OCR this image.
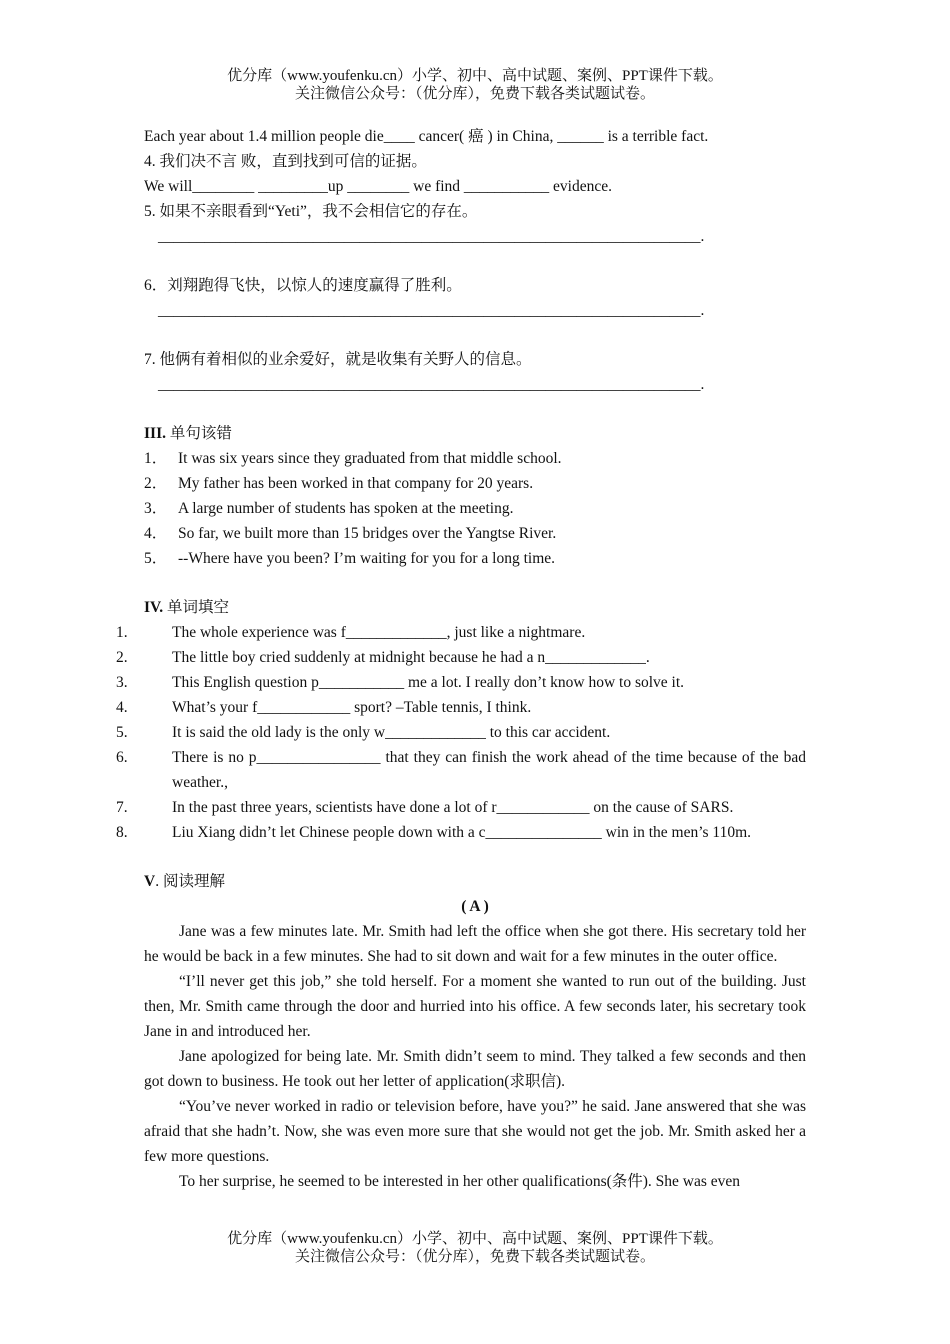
优分库（www.youfenku.cn）小学、初中、高中试题、案例、PPT课件下载。
关注微信公众号：（优分库），免费下载各类试题试卷。
Each year about 1.4 million people die____ cancer( 癌 ) in China, ______ is a terrible fact.
4. 我们决不言 败，直到找到可信的证据。
We will________ _________up ________ we find ___________ evidence.
5. 如果不亲眼看到“Yeti”，我不会相信它的存在。
______________________________________________________________________.
6．刘翔跑得飞快，以惊人的速度赢得了胜利。
______________________________________________________________________.
7. 他俩有着相似的业余爱好，就是收集有关野人的信息。
______________________________________________________________________.
III. 单句该错
1． It was six years since they graduated from that middle school.
2． My father has been worked in that company for 20 years.
3． A large number of students has spoken at the meeting.
4． So far, we built more than 15 bridges over the Yangtse River.
5． --Where have you been? I’m waiting for you for a long time.
IV. 单词填空
1.	The whole experience was f_____________, just like a nightmare.
2.	The little boy cried suddenly at midnight because he had a n_____________.
3.	This English question p___________ me a lot. I really don’t know how to solve it.
4.	What’s your f____________ sport? –Table tennis, I think.
5.	It is said the old lady is the only w_____________ to this car accident.
6.	There is no p________________ that they can finish the work ahead of the time because of the bad weather.,
7.	In the past three years, scientists have done a lot of r____________ on the cause of SARS.
8.	Liu Xiang didn’t let Chinese people down with a c_______________ win in the men’s 110m.
V. 阅读理解
( A )

Jane was a few minutes late. Mr. Smith had left the office when she got there. His secretary told her he would be back in a few minutes. She had to sit down and wait for a few minutes in the outer office.

“I’ll never get this job,” she told herself. For a moment she wanted to run out of the building. Just then, Mr. Smith came through the door and hurried into his office. A few seconds later, his secretary took Jane in and introduced her.

Jane apologized for being late. Mr. Smith didn’t seem to mind. They talked a few seconds and then got down to business. He took out her letter of application(求职信).

“You’ve never worked in radio or television before, have you?” he said. Jane answered that she was afraid that she hadn’t. Now, she was even more sure that she would not get the job. Mr. Smith asked her a few more questions.

To her surprise, he seemed to be interested in her other qualifications(条件). She was even

优分库（www.youfenku.cn）小学、初中、高中试题、案例、PPT课件下载。
关注微信公众号：（优分库），免费下载各类试题试卷。
